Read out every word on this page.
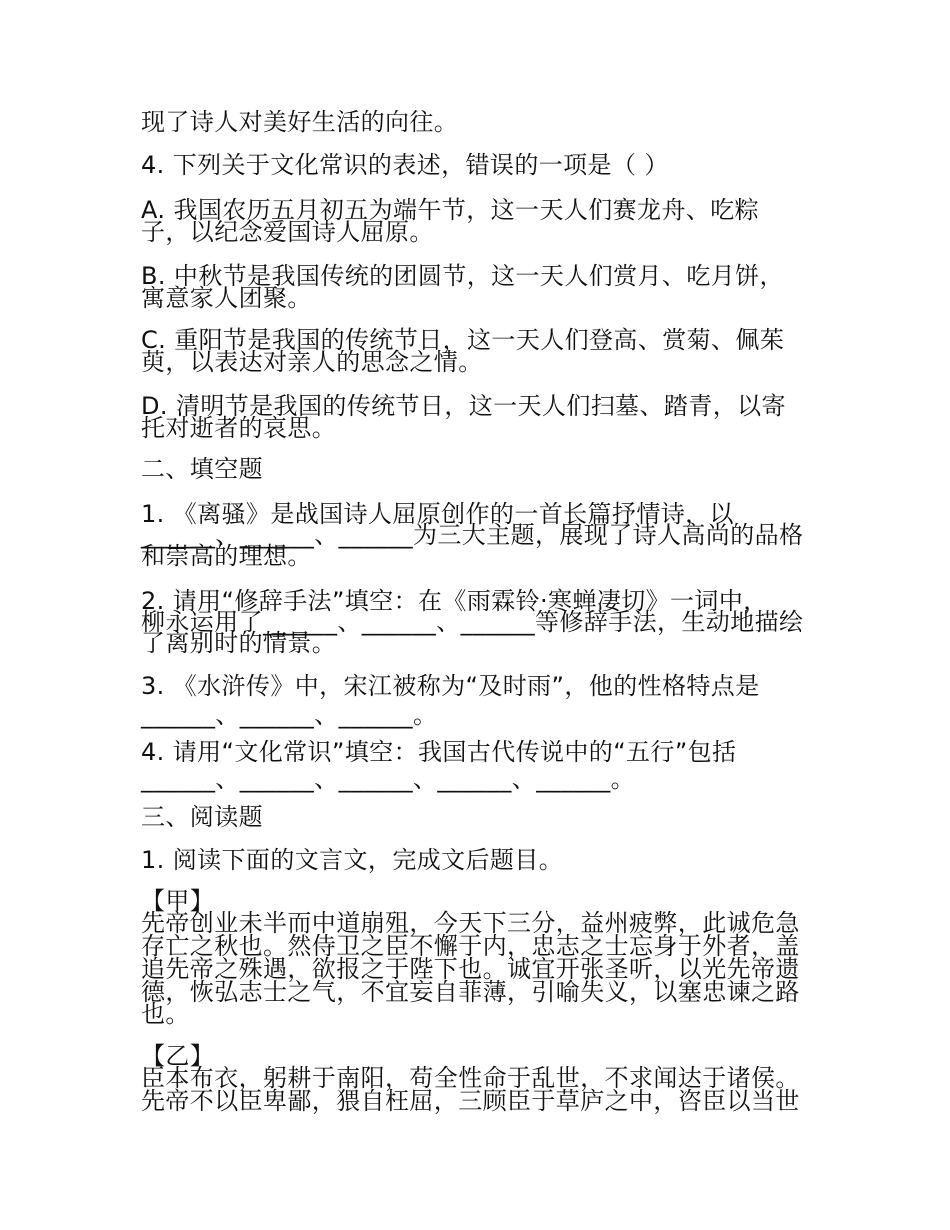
现了诗人对美好生活的向往。
4. 下列关于文化常识的表述，错误的一项是（ ）
A. 我国农历五月初五为端午节，这一天人们赛龙舟、吃粽
子，以纪念爱国诗人屈原。
B. 中秋节是我国传统的团圆节，这一天人们赏月、吃月饼，
寓意家人团聚。
C. 重阳节是我国的传统节日，这一天人们登高、赏菊、佩茱
萸，以表达对亲人的思念之情。
D. 清明节是我国的传统节日，这一天人们扫墓、踏青，以寄
托对逝者的哀思。
二、填空题
1. 《离骚》是战国诗人屈原创作的一首长篇抒情诗，以
______、______、______为三大主题，展现了诗人高尚的品格
和崇高的理想。
2. 请用“修辞手法”填空：在《雨霖铃·寒蝉凄切》一词中，
柳永运用了______、______、______等修辞手法，生动地描绘
了离别时的情景。
3. 《水浒传》中，宋江被称为“及时雨”，他的性格特点是
______、______、______。
4. 请用“文化常识”填空：我国古代传说中的“五行”包括
______、______、______、______、______。
三、阅读题
1. 阅读下面的文言文，完成文后题目。
【甲】
先帝创业未半而中道崩殂，今天下三分，益州疲弊，此诚危急
存亡之秋也。然侍卫之臣不懈于内，忠志之士忘身于外者，盖
追先帝之殊遇，欲报之于陛下也。诚宜开张圣听，以光先帝遗
德，恢弘志士之气，不宜妄自菲薄，引喻失义，以塞忠谏之路
也。
【乙】
臣本布衣，躬耕于南阳，苟全性命于乱世，不求闻达于诸侯。
先帝不以臣卑鄙，猥自枉屈，三顾臣于草庐之中，咨臣以当世
